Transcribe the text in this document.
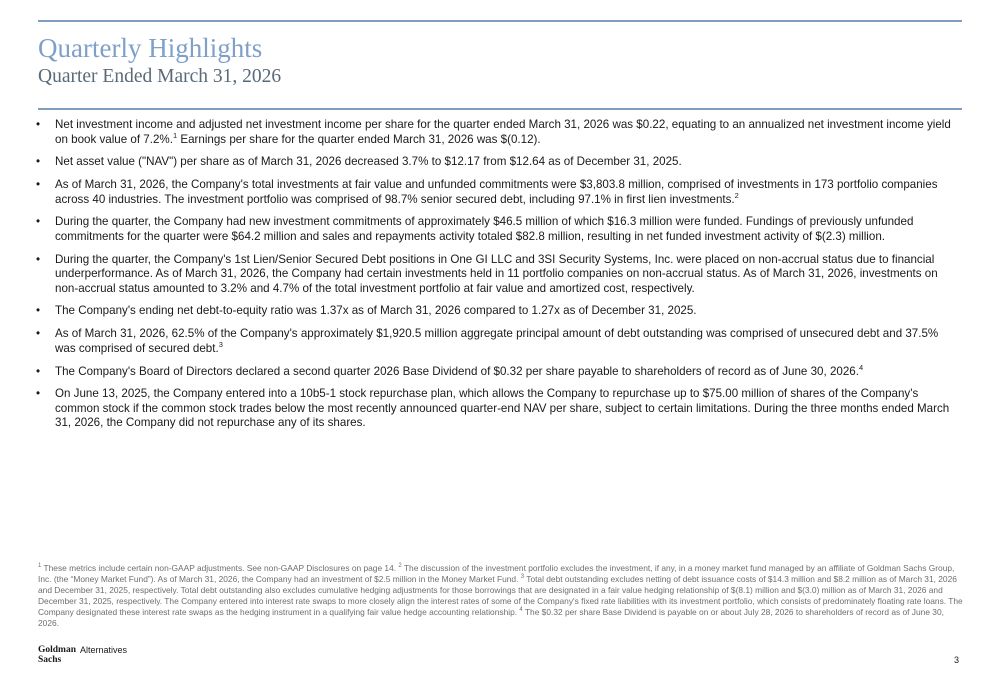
Quarterly Highlights
Quarter Ended March 31, 2026
• Net investment income and adjusted net investment income per share for the quarter ended March 31, 2026 was $0.22, equating to an annualized net investment income yield on book value of 7.2%.$^1$ Earnings per share for the quarter ended March 31, 2026 was $(0.12).
• Net asset value ("NAV") per share as of March 31, 2026 decreased 3.7% to $12.17 from $12.64 as of December 31, 2025.
• As of March 31, 2026, the Company's total investments at fair value and unfunded commitments were $3,803.8 million, comprised of investments in 173 portfolio companies across 40 industries. The investment portfolio was comprised of 98.7% senior secured debt, including 97.1% in first lien investments.$^2$
• During the quarter, the Company had new investment commitments of approximately $46.5 million of which $16.3 million were funded. Fundings of previously unfunded commitments for the quarter were $64.2 million and sales and repayments activity totaled $82.8 million, resulting in net funded investment activity of $(2.3) million.
• During the quarter, the Company's 1st Lien/Senior Secured Debt positions in One GI LLC and 3SI Security Systems, Inc. were placed on non-accrual status due to financial underperformance. As of March 31, 2026, the Company had certain investments held in 11 portfolio companies on non-accrual status. As of March 31, 2026, investments on non-accrual status amounted to 3.2% and 4.7% of the total investment portfolio at fair value and amortized cost, respectively.
• The Company's ending net debt-to-equity ratio was 1.37x as of March 31, 2026 compared to 1.27x as of December 31, 2025.
• As of March 31, 2026, 62.5% of the Company's approximately $1,920.5 million aggregate principal amount of debt outstanding was comprised of unsecured debt and 37.5% was comprised of secured debt.$^3$
• The Company's Board of Directors declared a second quarter 2026 Base Dividend of $0.32 per share payable to shareholders of record as of June 30, 2026.$^4$
• On June 13, 2025, the Company entered into a 10b5-1 stock repurchase plan, which allows the Company to repurchase up to $75.00 million of shares of the Company's common stock if the common stock trades below the most recently announced quarter-end NAV per share, subject to certain limitations. During the three months ended March 31, 2026, the Company did not repurchase any of its shares.

$^1$ These metrics include certain non-GAAP adjustments. See non-GAAP Disclosures on page 14. $^2$ The discussion of the investment portfolio excludes the investment, if any, in a money market fund managed by an affiliate of Goldman Sachs Group, Inc. (the “Money Market Fund”). As of March 31, 2026, the Company had an investment of $2.5 million in the Money Market Fund. $^3$ Total debt outstanding excludes netting of debt issuance costs of $14.3 million and $8.2 million as of March 31, 2026 and December 31, 2025, respectively. Total debt outstanding also excludes cumulative hedging adjustments for those borrowings that are designated in a fair value hedging relationship of $(8.1) million and $(3.0) million as of March 31, 2026 and December 31, 2025, respectively. The Company entered into interest rate swaps to more closely align the interest rates of some of the Company's fixed rate liabilities with its investment portfolio, which consists of predominately floating rate loans. The Company designated these interest rate swaps as the hedging instrument in a qualifying fair value hedge accounting relationship. $^4$ The $0.32 per share Base Dividend is payable on or about July 28, 2026 to shareholders of record as of June 30, 2026.

Goldman
SachsAlternatives
3
